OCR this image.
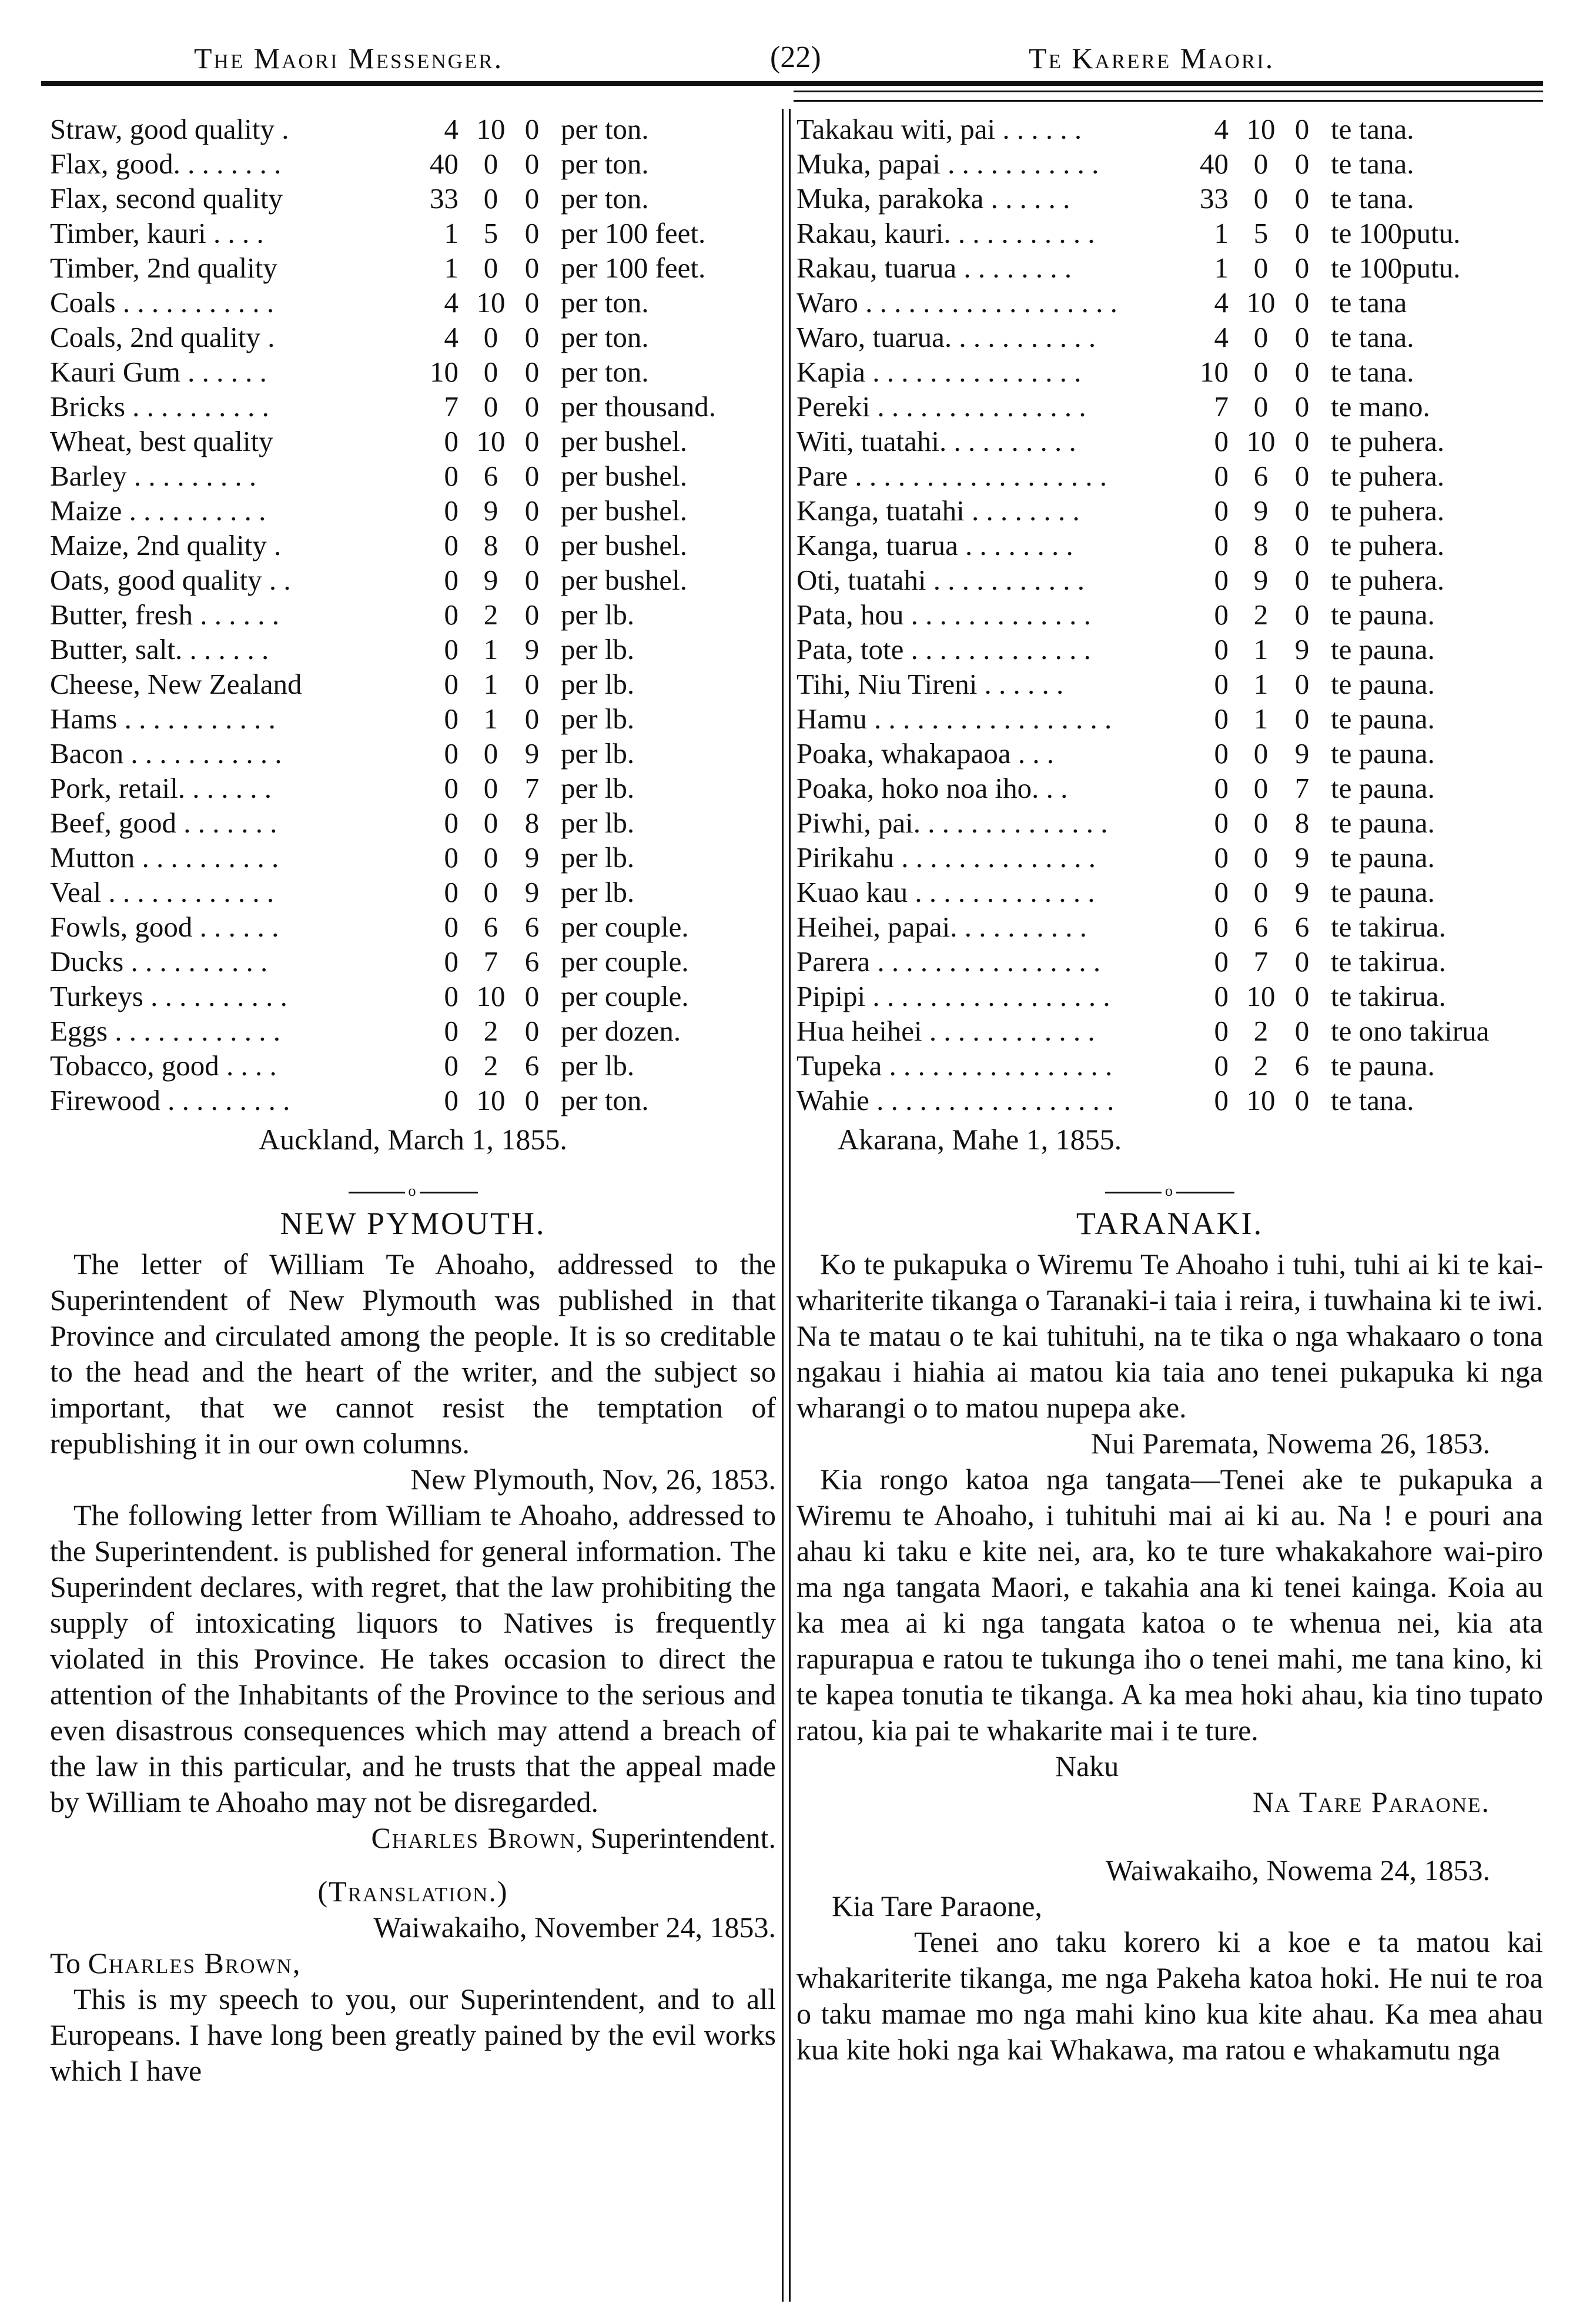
The Maori Messenger.	(22)	Te Karere Maori.
Straw, good quality .	4	10	0	per ton.
Flax, good. . . . . . . .	40	0	0	per ton.
Flax, second quality	33	0	0	per ton.
Timber, kauri . . . .	1	5	0	per 100 feet.
Timber, 2nd quality	1	0	0	per 100 feet.
Coals . . . . . . . . . . .	4	10	0	per ton.
Coals, 2nd quality .	4	0	0	per ton.
Kauri Gum . . . . . .	10	0	0	per ton.
Bricks . . . . . . . . . .	7	0	0	per thousand.
Wheat, best quality	0	10	0	per bushel.
Barley . . . . . . . . .	0	6	0	per bushel.
Maize . . . . . . . . . .	0	9	0	per bushel.
Maize, 2nd quality .	0	8	0	per bushel.
Oats, good quality . .	0	9	0	per bushel.
Butter, fresh . . . . . .	0	2	0	per lb.
Butter, salt. . . . . . .	0	1	9	per lb.
Cheese, New Zealand	0	1	0	per lb.
Hams . . . . . . . . . . .	0	1	0	per lb.
Bacon . . . . . . . . . . .	0	0	9	per lb.
Pork, retail. . . . . . .	0	0	7	per lb.
Beef, good . . . . . . .	0	0	8	per lb.
Mutton . . . . . . . . . .	0	0	9	per lb.
Veal . . . . . . . . . . . .	0	0	9	per lb.
Fowls, good . . . . . .	0	6	6	per couple.
Ducks . . . . . . . . . .	0	7	6	per couple.
Turkeys . . . . . . . . . .	0	10	0	per couple.
Eggs . . . . . . . . . . . .	0	2	0	per dozen.
Tobacco, good . . . .	0	2	6	per lb.
Firewood . . . . . . . . .	0	10	0	per ton.
Auckland, March 1, 1855.
o
NEW PYMOUTH.

The letter of William Te Ahoaho, addressed to the Superintendent of New Plymouth was published in that Province and circulated among the people. It is so creditable to the head and the heart of the writer, and the subject so important, that we cannot resist the temptation of republishing it in our own columns.

New Plymouth, Nov, 26, 1853.

The following letter from William te Ahoaho, addressed to the Superintendent. is published for general information. The Superindent declares, with regret, that the law prohibiting the supply of intoxicating liquors to Natives is frequently violated in this Province. He takes occasion to direct the attention of the Inhabitants of the Province to the serious and even disastrous consequences which may attend a breach of the law in this particular, and he trusts that the appeal made by William te Ahoaho may not be disregarded.

Charles Brown, Superintendent.

(Translation.)

Waiwakaiho, November 24, 1853.

To Charles Brown,

This is my speech to you, our Superintendent, and to all Europeans. I have long been greatly pained by the evil works which I have

Takakau witi, pai . . . . . .	4	10	0	te tana.
Muka, papai . . . . . . . . . . .	40	0	0	te tana.
Muka, parakoka . . . . . .	33	0	0	te tana.
Rakau, kauri. . . . . . . . . . .	1	5	0	te 100putu.
Rakau, tuarua . . . . . . . .	1	0	0	te 100putu.
Waro . . . . . . . . . . . . . . . . . .	4	10	0	te tana
Waro, tuarua. . . . . . . . . . .	4	0	0	te tana.
Kapia . . . . . . . . . . . . . . .	10	0	0	te tana.
Pereki . . . . . . . . . . . . . . .	7	0	0	te mano.
Witi, tuatahi. . . . . . . . . .	0	10	0	te puhera.
Pare . . . . . . . . . . . . . . . . . .	0	6	0	te puhera.
Kanga, tuatahi . . . . . . . .	0	9	0	te puhera.
Kanga, tuarua . . . . . . . .	0	8	0	te puhera.
Oti, tuatahi . . . . . . . . . . .	0	9	0	te puhera.
Pata, hou . . . . . . . . . . . . .	0	2	0	te pauna.
Pata, tote . . . . . . . . . . . . .	0	1	9	te pauna.
Tihi, Niu Tireni . . . . . .	0	1	0	te pauna.
Hamu . . . . . . . . . . . . . . . . .	0	1	0	te pauna.
Poaka, whakapaoa . . .	0	0	9	te pauna.
Poaka, hoko noa iho. . .	0	0	7	te pauna.
Piwhi, pai. . . . . . . . . . . . . .	0	0	8	te pauna.
Pirikahu . . . . . . . . . . . . . .	0	0	9	te pauna.
Kuao kau . . . . . . . . . . . . .	0	0	9	te pauna.
Heihei, papai. . . . . . . . . .	0	6	6	te takirua.
Parera . . . . . . . . . . . . . . . .	0	7	0	te takirua.
Pipipi . . . . . . . . . . . . . . . . .	0	10	0	te takirua.
Hua heihei . . . . . . . . . . . .	0	2	0	te ono takirua
Tupeka . . . . . . . . . . . . . . . .	0	2	6	te pauna.
Wahie . . . . . . . . . . . . . . . . .	0	10	0	te tana.
Akarana, Mahe 1, 1855.
o
TARANAKI.

Ko te pukapuka o Wiremu Te Ahoaho i tuhi, tuhi ai ki te kai-whariterite tikanga o Taranaki-i taia i reira, i tuwhaina ki te iwi. Na te matau o te kai tuhituhi, na te tika o nga whakaaro o tona ngakau i hiahia ai matou kia taia ano tenei pukapuka ki nga wharangi o to matou nupepa ake.

Nui Paremata, Nowema 26, 1853.

Kia rongo katoa nga tangata—Tenei ake te pukapuka a Wiremu te Ahoaho, i tuhituhi mai ai ki au. Na ! e pouri ana ahau ki taku e kite nei, ara, ko te ture whakakahore wai-piro ma nga tangata Maori, e takahia ana ki tenei kainga. Koia au ka mea ai ki nga tangata katoa o te whenua nei, kia ata rapurapua e ratou te tukunga iho o tenei mahi, me tana kino, ki te kapea tonutia te tikanga. A ka mea hoki ahau, kia tino tupato ratou, kia pai te whakarite mai i te ture.

Naku

Na Tare Paraone.

Waiwakaiho, Nowema 24, 1853.

Kia Tare Paraone,

Tenei ano taku korero ki a koe e ta matou kai whakariterite tikanga, me nga Pakeha katoa hoki. He nui te roa o taku mamae mo nga mahi kino kua kite ahau. Ka mea ahau kua kite hoki nga kai Whakawa, ma ratou e whakamutu nga
